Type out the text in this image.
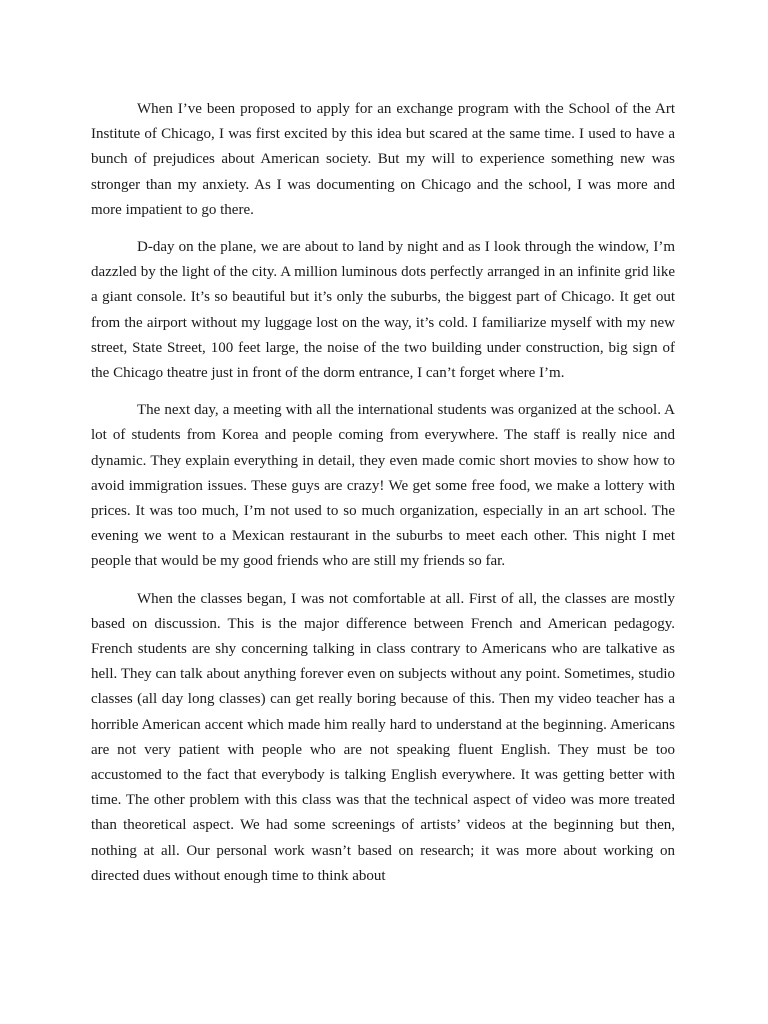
When I’ve been proposed to apply for an exchange program with the School of the Art Institute of Chicago, I was first excited by this idea but scared at the same time. I used to have a bunch of prejudices about American society. But my will to experience something new was stronger than my anxiety. As I was documenting on Chicago and the school, I was more and more impatient to go there.

D-day on the plane, we are about to land by night and as I look through the window, I’m dazzled by the light of the city. A million luminous dots perfectly arranged in an infinite grid like a giant console. It’s so beautiful but it’s only the suburbs, the biggest part of Chicago. It get out from the airport without my luggage lost on the way, it’s cold. I familiarize myself with my new street, State Street, 100 feet large, the noise of the two building under construction, big sign of the Chicago theatre just in front of the dorm entrance, I can’t forget where I’m.

The next day, a meeting with all the international students was organized at the school. A lot of students from Korea and people coming from everywhere. The staff is really nice and dynamic. They explain everything in detail, they even made comic short movies to show how to avoid immigration issues. These guys are crazy! We get some free food, we make a lottery with prices. It was too much, I’m not used to so much organization, especially in an art school. The evening we went to a Mexican restaurant in the suburbs to meet each other. This night I met people that would be my good friends who are still my friends so far.

When the classes began, I was not comfortable at all. First of all, the classes are mostly based on discussion. This is the major difference between French and American pedagogy. French students are shy concerning talking in class contrary to Americans who are talkative as hell. They can talk about anything forever even on subjects without any point. Sometimes, studio classes (all day long classes) can get really boring because of this. Then my video teacher has a horrible American accent which made him really hard to understand at the beginning. Americans are not very patient with people who are not speaking fluent English. They must be too accustomed to the fact that everybody is talking English everywhere. It was getting better with time. The other problem with this class was that the technical aspect of video was more treated than theoretical aspect. We had some screenings of artists’ videos at the beginning but then, nothing at all. Our personal work wasn’t based on research; it was more about working on directed dues without enough time to think about
